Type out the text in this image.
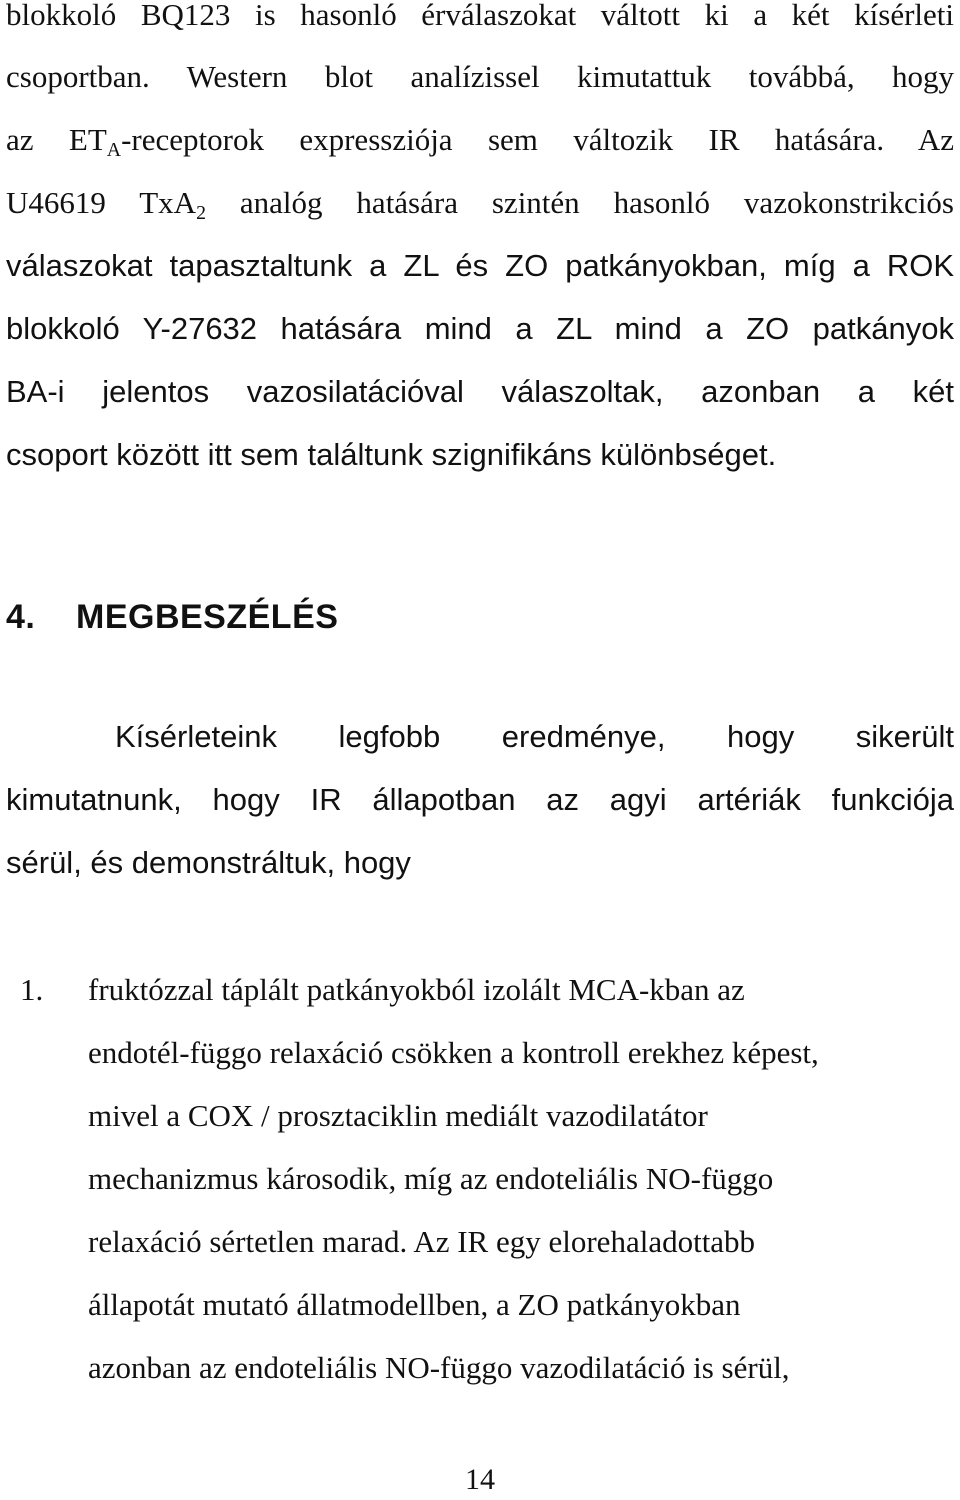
blokkoló BQ123 is hasonló érválaszokat váltott ki a két kísérleti
csoportban. Western blot analízissel kimutattuk továbbá, hogy
az $ET_A$-receptorok expressziója sem változik IR hatására. Az
U46619 TxA$_2$ analóg hatására szintén hasonló vazokonstrikciós
válaszokat tapasztaltunk a ZL és ZO patkányokban, míg a ROK
blokkoló Y-27632 hatására mind a ZL mind a ZO patkányok
BA-i jelentos vazosilatációval válaszoltak, azonban a két
csoport között itt sem találtunk szignifikáns különbséget.
4. MEGBESZÉLÉS
Kísérleteink legfobb eredménye, hogy sikerült
kimutatnunk, hogy IR állapotban az agyi artériák funkciója
sérül, és demonstráltuk, hogy
1. fruktózzal táplált patkányokból izolált MCA-kban az
endotél-függo relaxáció csökken a kontroll erekhez képest,
mivel a COX / prosztaciklin mediált vazodilatátor
mechanizmus károsodik, míg az endoteliális NO-függo
relaxáció sértetlen marad. Az IR egy elorehaladottabb
állapotát mutató állatmodellben, a ZO patkányokban
azonban az endoteliális NO-függo vazodilatáció is sérül,
14
